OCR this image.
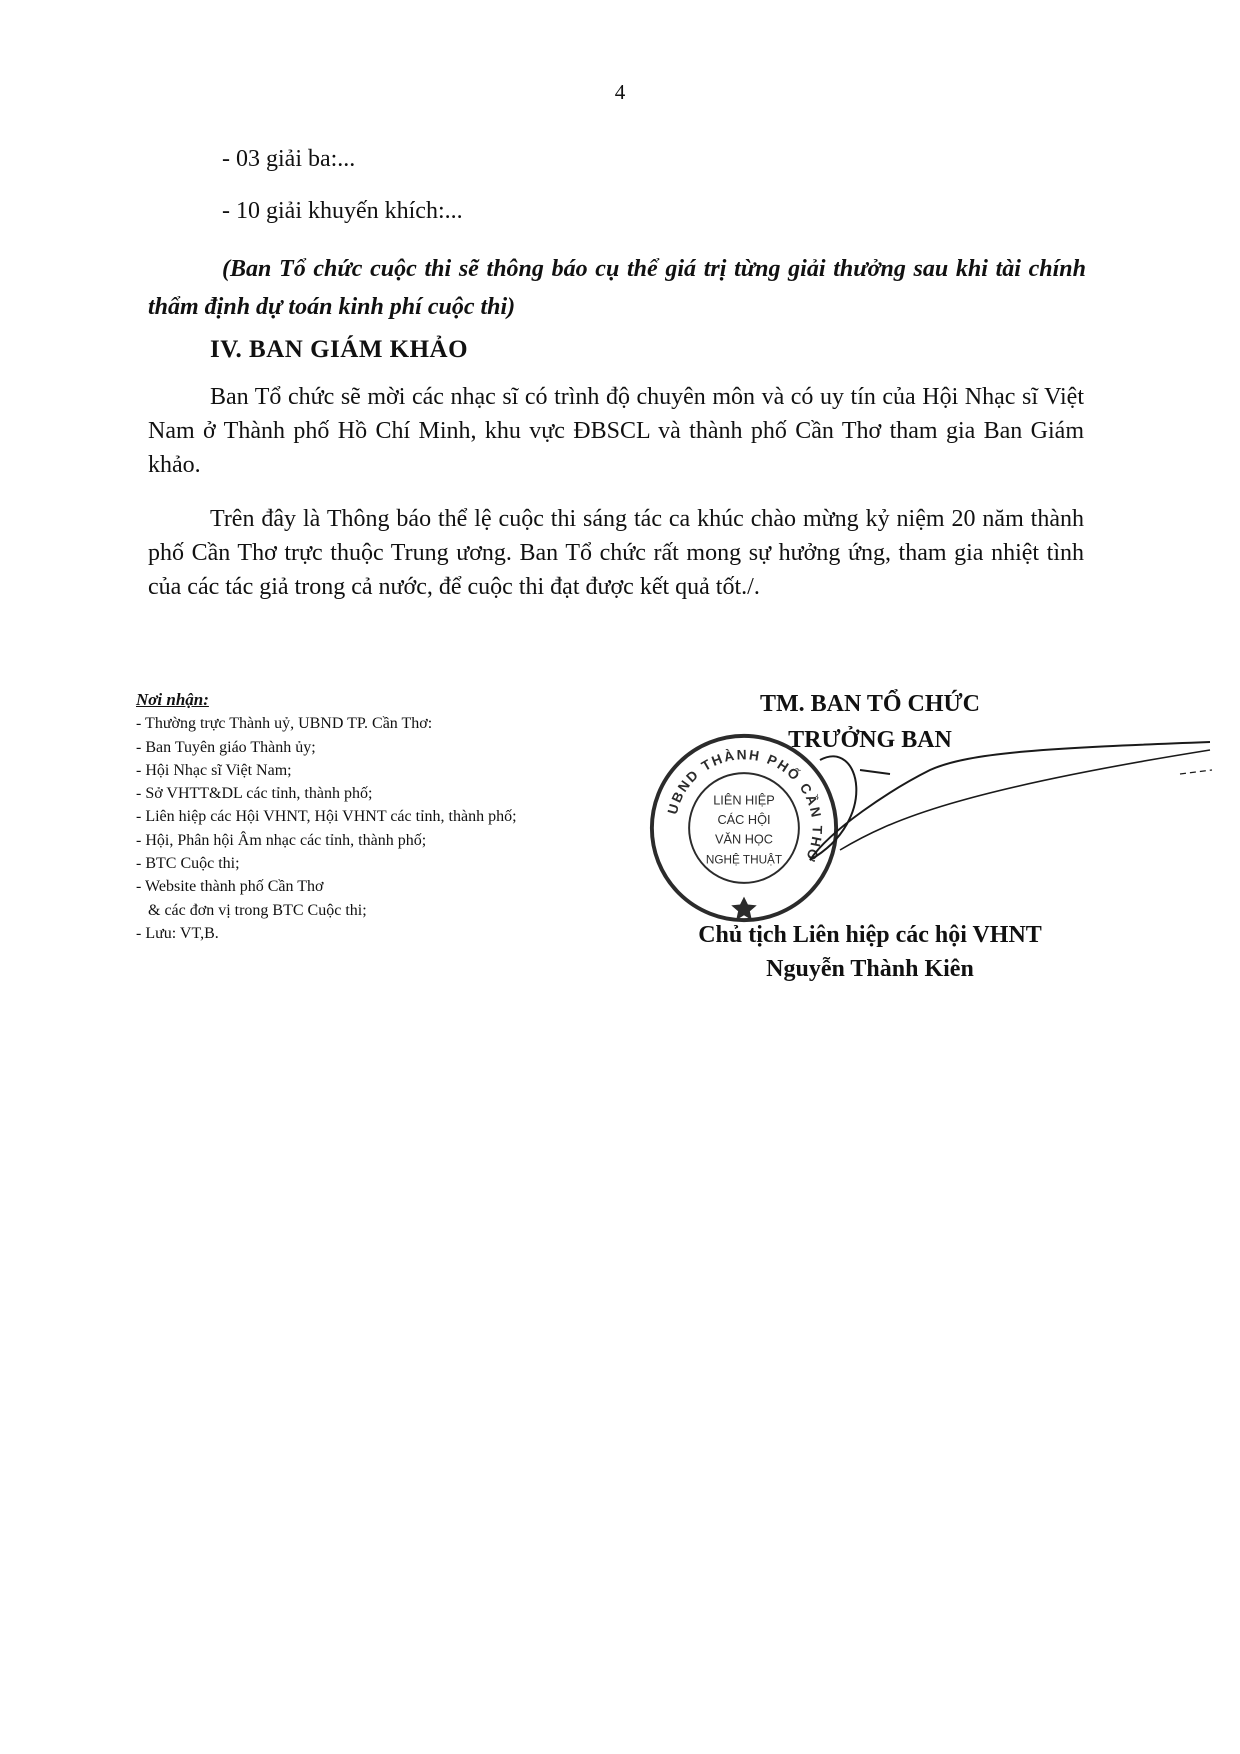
4
- 03 giải ba:...
- 10 giải khuyến khích:...
(Ban Tổ chức cuộc thi sẽ thông báo cụ thể giá trị từng giải thưởng sau khi tài chính thẩm định dự toán kinh phí cuộc thi)
IV. BAN GIÁM KHẢO
Ban Tổ chức sẽ mời các nhạc sĩ có trình độ chuyên môn và có uy tín của Hội Nhạc sĩ Việt Nam ở Thành phố Hồ Chí Minh, khu vực ĐBSCL và thành phố Cần Thơ tham gia Ban Giám khảo.
Trên đây là Thông báo thể lệ cuộc thi sáng tác ca khúc chào mừng kỷ niệm 20 năm thành phố Cần Thơ trực thuộc Trung ương. Ban Tổ chức rất mong sự hưởng ứng, tham gia nhiệt tình của các tác giả trong cả nước, để cuộc thi đạt được kết quả tốt./.
Nơi nhận:
- Thường trực Thành uỷ, UBND TP. Cần Thơ:
- Ban Tuyên giáo Thành ủy;
- Hội Nhạc sĩ Việt Nam;
- Sở VHTT&DL các tỉnh, thành phố;
- Liên hiệp các Hội VHNT, Hội VHNT các tỉnh, thành phố;
- Hội, Phân hội Âm nhạc các tỉnh, thành phố;
- BTC Cuộc thi;
- Website thành phố Cần Thơ
& các đơn vị trong BTC Cuộc thi;
- Lưu: VT,B.
TM. BAN TỔ CHỨC
TRƯỞNG BAN
Chủ tịch Liên hiệp các hội VHNT
Nguyễn Thành Kiên
UBND THÀNH PHỐ CẦN THƠ
LIÊN HIỆP
CÁC HỘI
VĂN HỌC
NGHỆ THUẬT
